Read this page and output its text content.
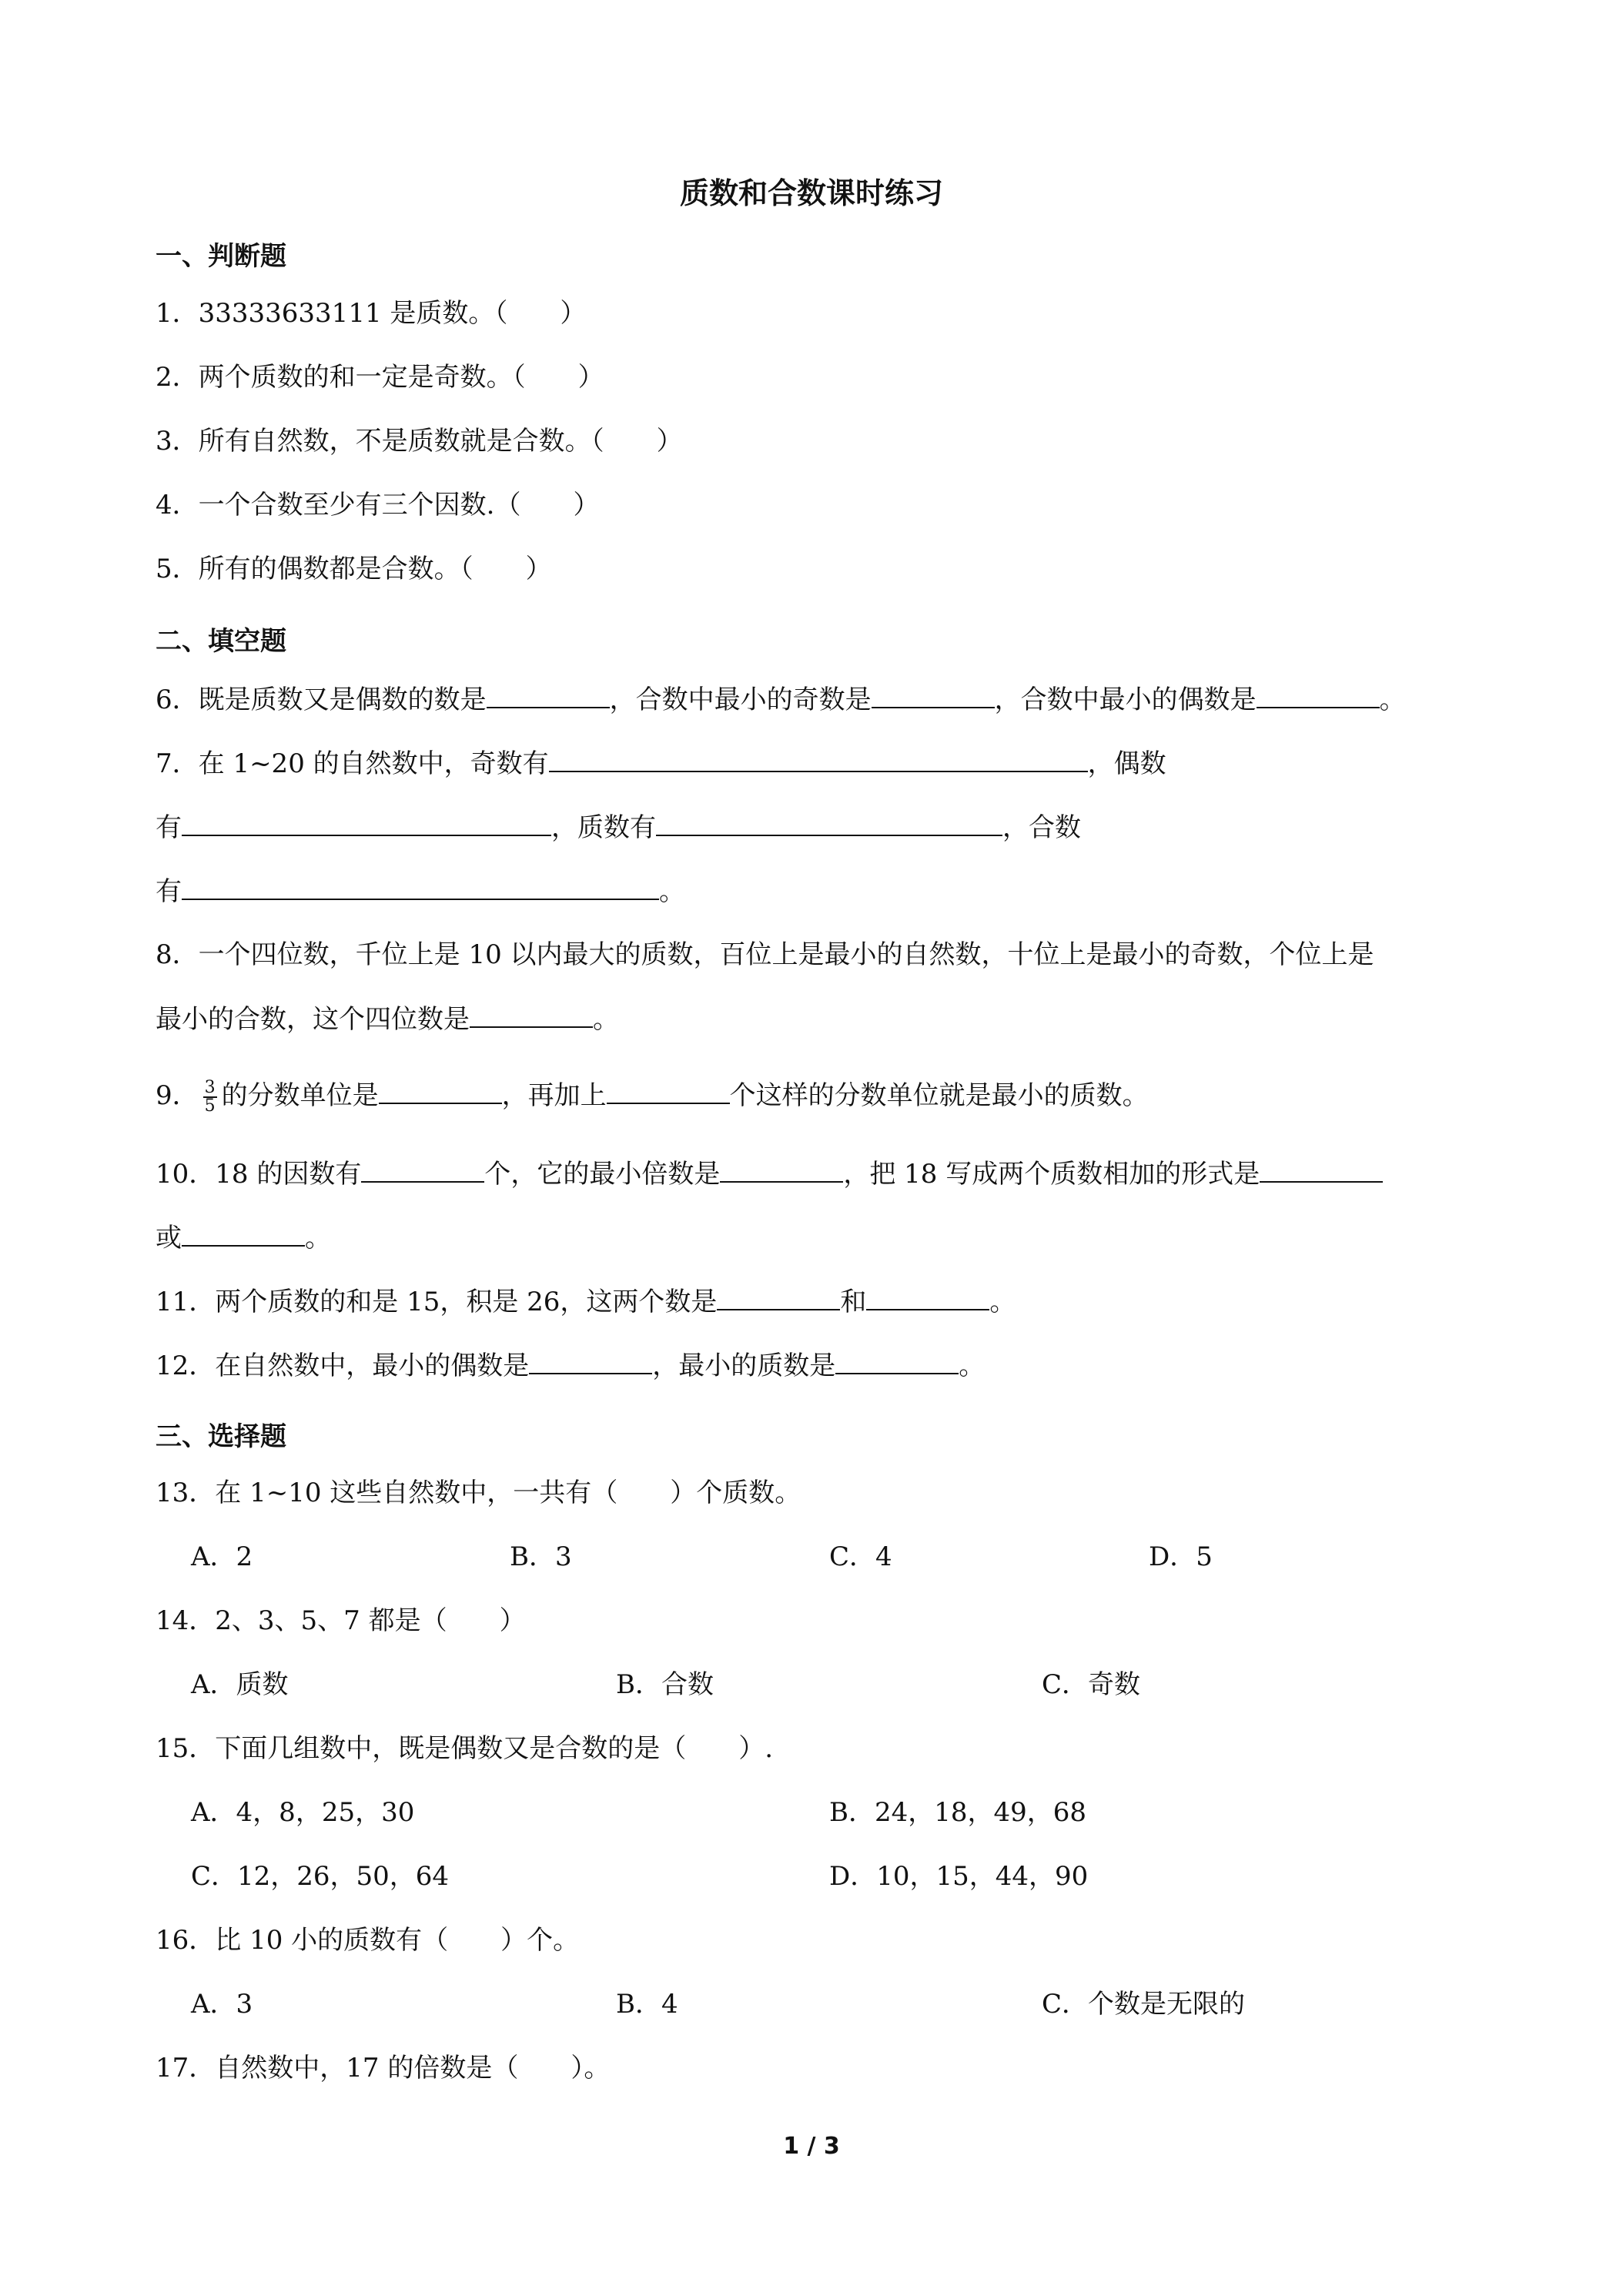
质数和合数课时练习
一、判断题
1．33333633111 是质数。（　　）
2．两个质数的和一定是奇数。（　　）
3．所有自然数，不是质数就是合数。（　　）
4．一个合数至少有三个因数.（　　）
5．所有的偶数都是合数。（　　）
二、填空题
6．既是质数又是偶数的数是	，合数中最小的奇数是	，合数中最小的偶数是	。
7．在 1~20 的自然数中，奇数有	，偶数
有	，质数有	，合数
有	。
8．一个四位数，千位上是 10 以内最大的质数，百位上是最小的自然数，十位上是最小的奇数，个位上是
最小的合数，这个四位数是	。
9． $\frac{3}{5}$ 的分数单位是	，再加上	个这样的分数单位就是最小的质数。
10．18 的因数有	个，它的最小倍数是	，把 18 写成两个质数相加的形式是
或	。
11．两个质数的和是 15，积是 26，这两个数是	和	。
12．在自然数中，最小的偶数是	，最小的质数是	。
三、选择题
13．在 1~10 这些自然数中，一共有（　　）个质数。
A．2	B．3	C．4	D．5
14．2、3、5、7 都是（　　）
A．质数	B．合数	C．奇数
15．下面几组数中，既是偶数又是合数的是（　　）.
A．4，8，25，30	B．24，18，49，68
C．12，26，50，64	D．10，15，44，90
16．比 10 小的质数有（　　）个。
A．3	B．4	C．个数是无限的
17．自然数中，17 的倍数是（　　）。
1 / 3
